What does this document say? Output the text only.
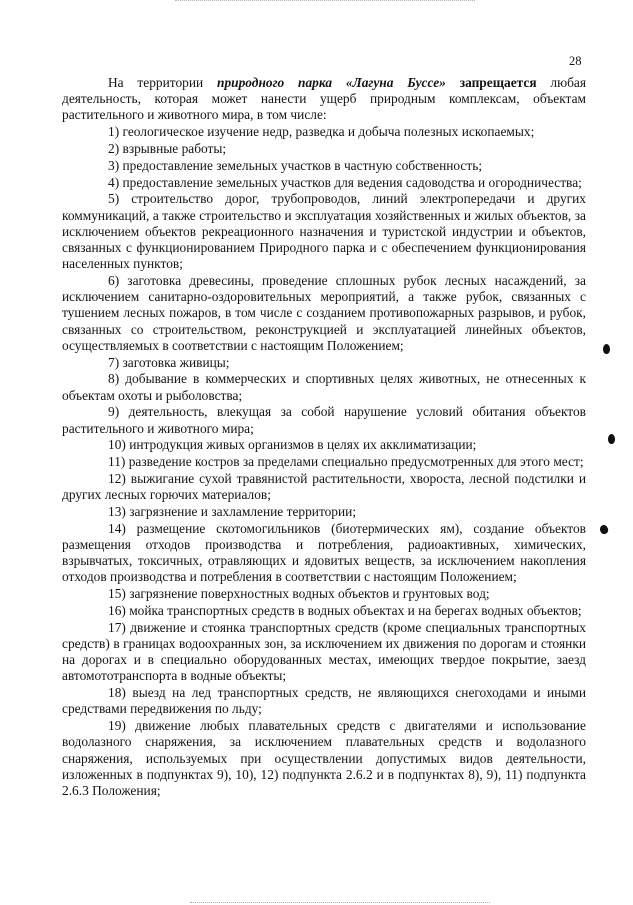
28

На территории природного парка «Лагуна Буссе» запрещается любая деятельность, которая может нанести ущерб природным комплексам, объектам растительного и животного мира, в том числе:

1) геологическое изучение недр, разведка и добыча полезных ископаемых;

2) взрывные работы;

3) предоставление земельных участков в частную собственность;

4) предоставление земельных участков для ведения садоводства и огородничества;

5) строительство дорог, трубопроводов, линий электропередачи и других коммуникаций, а также строительство и эксплуатация хозяйственных и жилых объектов, за исключением объектов рекреационного назначения и туристской индустрии и объектов, связанных с функционированием Природного парка и с обеспечением функционирования населенных пунктов;

6) заготовка древесины, проведение сплошных рубок лесных насаждений, за исключением санитарно-оздоровительных мероприятий, а также рубок, связанных с тушением лесных пожаров, в том числе с созданием противопожарных разрывов, и рубок, связанных со строительством, реконструкцией и эксплуатацией линейных объектов, осуществляемых в соответствии с настоящим Положением;

7) заготовка живицы;

8) добывание в коммерческих и спортивных целях животных, не отнесенных к объектам охоты и рыболовства;

9) деятельность, влекущая за собой нарушение условий обитания объектов растительного и животного мира;

10) интродукция живых организмов в целях их акклиматизации;

11) разведение костров за пределами специально предусмотренных для этого мест;

12) выжигание сухой травянистой растительности, хвороста, лесной подстилки и других лесных горючих материалов;

13) загрязнение и захламление территории;

14) размещение скотомогильников (биотермических ям), создание объектов размещения отходов производства и потребления, радиоактивных, химических, взрывчатых, токсичных, отравляющих и ядовитых веществ, за исключением накопления отходов производства и потребления в соответствии с настоящим Положением;

15) загрязнение поверхностных водных объектов и грунтовых вод;

16) мойка транспортных средств в водных объектах и на берегах водных объектов;

17) движение и стоянка транспортных средств (кроме специальных транспортных средств) в границах водоохранных зон, за исключением их движения по дорогам и стоянки на дорогах и в специально оборудованных местах, имеющих твердое покрытие, заезд автомототранспорта в водные объекты;

18) выезд на лед транспортных средств, не являющихся снегоходами и иными средствами передвижения по льду;

19) движение любых плавательных средств с двигателями и использование водолазного снаряжения, за исключением плавательных средств и водолазного снаряжения, используемых при осуществлении допустимых видов деятельности, изложенных в подпунктах 9), 10), 12) подпункта 2.6.2 и в подпунктах 8), 9), 11) подпункта 2.6.3 Положения;
